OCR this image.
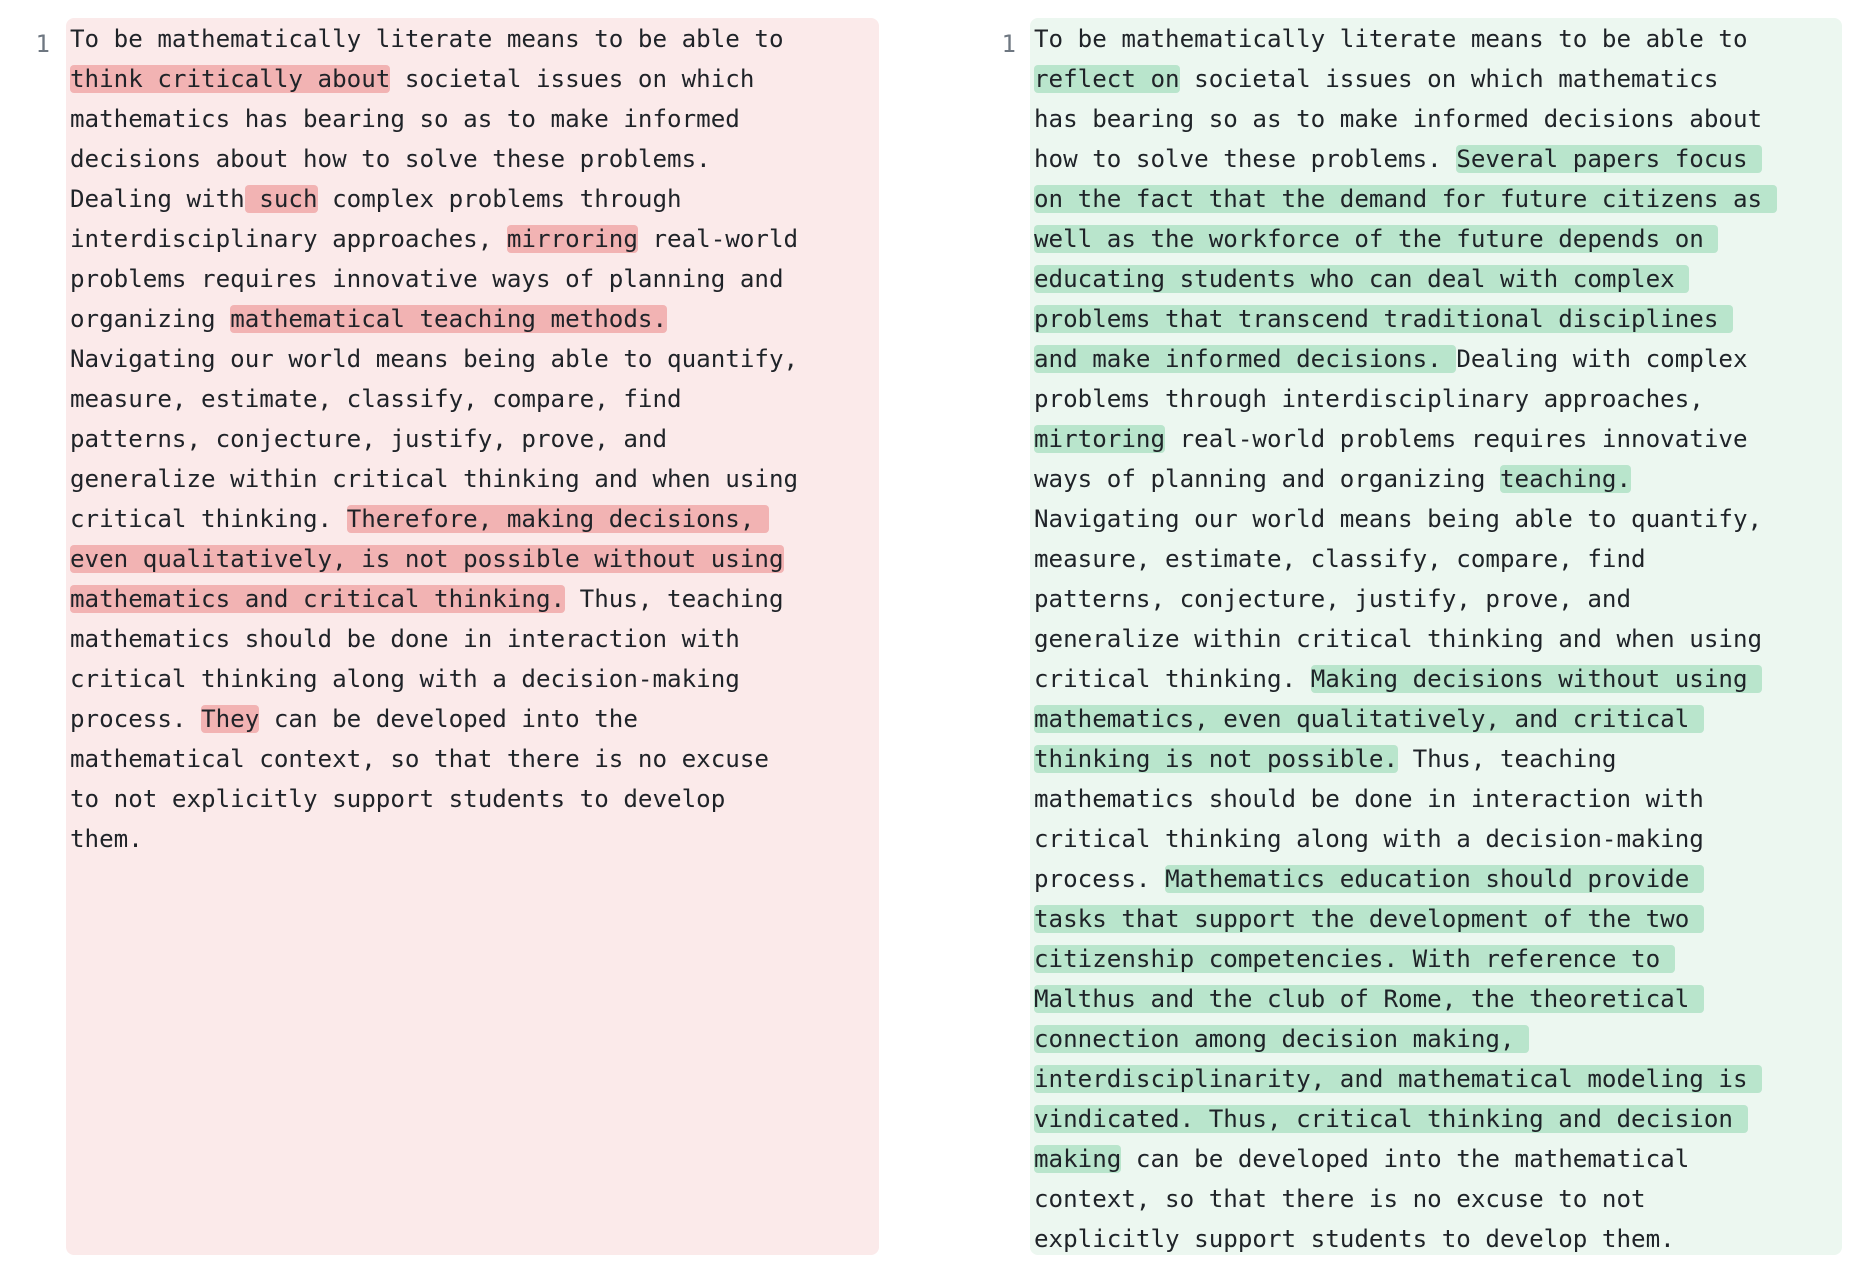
1 To be mathematically literate means to be able to
think critically about societal issues on which
mathematics has bearing so as to make informed
decisions about how to solve these problems.
Dealing with such complex problems through
interdisciplinary approaches, mirroring real-world
problems requires innovative ways of planning and
organizing mathematical teaching methods.
Navigating our world means being able to quantify,
measure, estimate, classify, compare, find
patterns, conjecture, justify, prove, and
generalize within critical thinking and when using
critical thinking. Therefore, making decisions,
even qualitatively, is not possible without using
mathematics and critical thinking. Thus, teaching
mathematics should be done in interaction with
critical thinking along with a decision-making
process. They can be developed into the
mathematical context, so that there is no excuse
to not explicitly support students to develop
them.
1 To be mathematically literate means to be able to
reflect on societal issues on which mathematics
has bearing so as to make informed decisions about
how to solve these problems. Several papers focus
on the fact that the demand for future citizens as
well as the workforce of the future depends on
educating students who can deal with complex
problems that transcend traditional disciplines
and make informed decisions. Dealing with complex
problems through interdisciplinary approaches,
mirtoring real-world problems requires innovative
ways of planning and organizing teaching.
Navigating our world means being able to quantify,
measure, estimate, classify, compare, find
patterns, conjecture, justify, prove, and
generalize within critical thinking and when using
critical thinking. Making decisions without using
mathematics, even qualitatively, and critical
thinking is not possible. Thus, teaching
mathematics should be done in interaction with
critical thinking along with a decision-making
process. Mathematics education should provide
tasks that support the development of the two
citizenship competencies. With reference to
Malthus and the club of Rome, the theoretical
connection among decision making,
interdisciplinarity, and mathematical modeling is
vindicated. Thus, critical thinking and decision
making can be developed into the mathematical
context, so that there is no excuse to not
explicitly support students to develop them.
